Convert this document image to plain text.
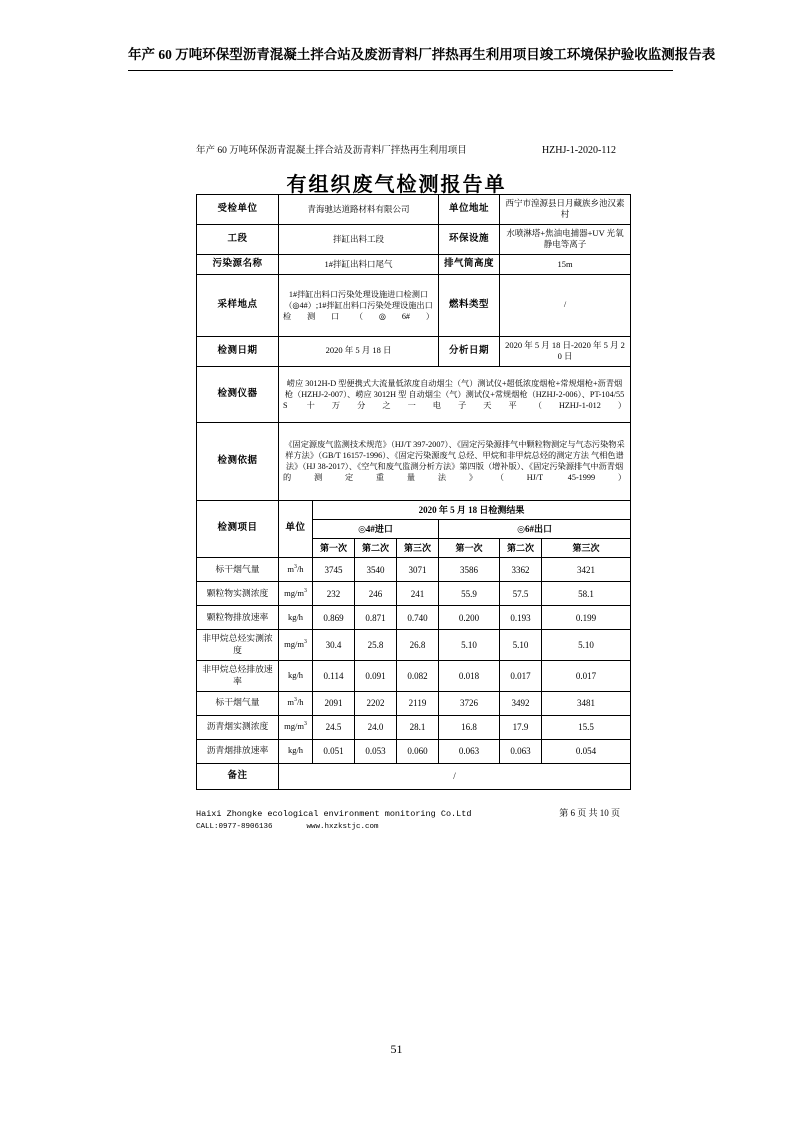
年产 60 万吨环保型沥青混凝土拌合站及废沥青料厂拌热再生利用项目竣工环境保护验收监测报告表
年产 60 万吨环保沥青混凝土拌合站及沥青料厂拌热再生利用项目	HZHJ-1-2020-112
有组织废气检测报告单
受检单位	青海驰达道路材料有限公司				单位地址	西宁市湟源县日月藏族乡池汉素村	
工段	拌缸出料工段				环保设施	水喷淋塔+焦油电捕器+UV 光氧静电等离子	
污染源名称	1#拌缸出料口尾气				排气筒高度	15m	
采样地点	1#拌缸出料口污染处理设施进口检测口（◎4#）;1#拌缸出料口污染处理设施出口检测口（◎6#）				燃料类型	/	
检测日期	2020 年 5 月 18 日				分析日期	2020 年 5 月 18 日-2020 年 5 月 20 日	
检测仪器	崂应 3012H-D 型便携式大流量低浓度自动烟尘（气）测试仪+超低浓度烟枪+常规烟枪+沥青烟枪（HZHJ-2-007）、崂应 3012H 型 自动烟尘（气）测试仪+常规烟枪（HZHJ-2-006）、PT-104/55S 十万分之一电子天平（HZHJ-1-012）						
检测依据	《固定源废气监测技术规范》（HJ/T 397-2007）、《固定污染源排气中颗粒物测定与气态污染物采样方法》（GB/T 16157-1996）、《固定污染源废气 总烃、甲烷和非甲烷总烃的测定方法 气相色谱法》（HJ 38-2017）、《空气和废气监测分析方法》第四版（增补版）、《固定污染源排气中沥青烟的测定重量法》（HJ/T 45-1999）						
检测项目	单位	2020 年 5 月 18 日检测结果					
		◎4#进口			◎6#出口		
		第一次	第二次	第三次	第一次	第二次	第三次
标干烟气量	$m^3/h$	3745	3540	3071	3586	3362	3421
颗粒物实测浓度	$mg/m^3$	232	246	241	55.9	57.5	58.1
颗粒物排放速率	kg/h	0.869	0.871	0.740	0.200	0.193	0.199
非甲烷总烃实测浓度	$mg/m^3$	30.4	25.8	26.8	5.10	5.10	5.10
非甲烷总烃排放速率	kg/h	0.114	0.091	0.082	0.018	0.017	0.017
标干烟气量	$m^3/h$	2091	2202	2119	3726	3492	3481
沥青烟实测浓度	$mg/m^3$	24.5	24.0	28.1	16.8	17.9	15.5
沥青烟排放速率	kg/h	0.051	0.053	0.060	0.063	0.063	0.054
备注	/						
Haixi Zhongke ecological environment monitoring Co.Ltd	第 6 页 共 10 页
CALL:0977-8906136	www.hxzkstjc.com
51
